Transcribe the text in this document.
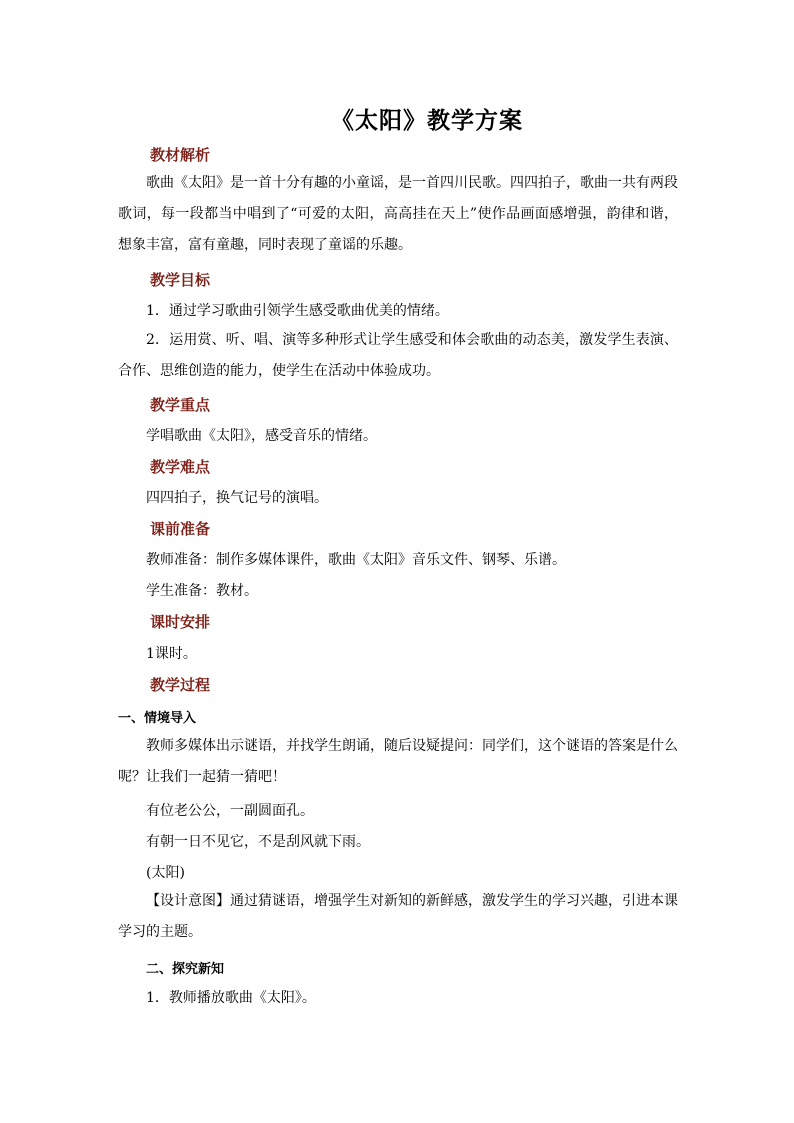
《太阳》教学方案
教材解析
歌曲《太阳》是一首十分有趣的小童谣，是一首四川民歌。四四拍子，歌曲一共有两段歌词，每一段都当中唱到了“可爱的太阳，高高挂在天上”使作品画面感增强，韵律和谐，想象丰富，富有童趣，同时表现了童谣的乐趣。
教学目标
1．通过学习歌曲引领学生感受歌曲优美的情绪。
2．运用赏、听、唱、演等多种形式让学生感受和体会歌曲的动态美，激发学生表演、合作、思维创造的能力，使学生在活动中体验成功。
教学重点
学唱歌曲《太阳》，感受音乐的情绪。
教学难点
四四拍子，换气记号的演唱。
课前准备
教师准备：制作多媒体课件，歌曲《太阳》音乐文件、钢琴、乐谱。
学生准备：教材。
课时安排
1课时。
教学过程
一、情境导入
教师多媒体出示谜语，并找学生朗诵，随后设疑提问：同学们，这个谜语的答案是什么呢？让我们一起猜一猜吧！
有位老公公，一副圆面孔。
有朝一日不见它，不是刮风就下雨。
(太阳)
【设计意图】通过猜谜语，增强学生对新知的新鲜感，激发学生的学习兴趣，引进本课学习的主题。
二、探究新知
1．教师播放歌曲《太阳》。
